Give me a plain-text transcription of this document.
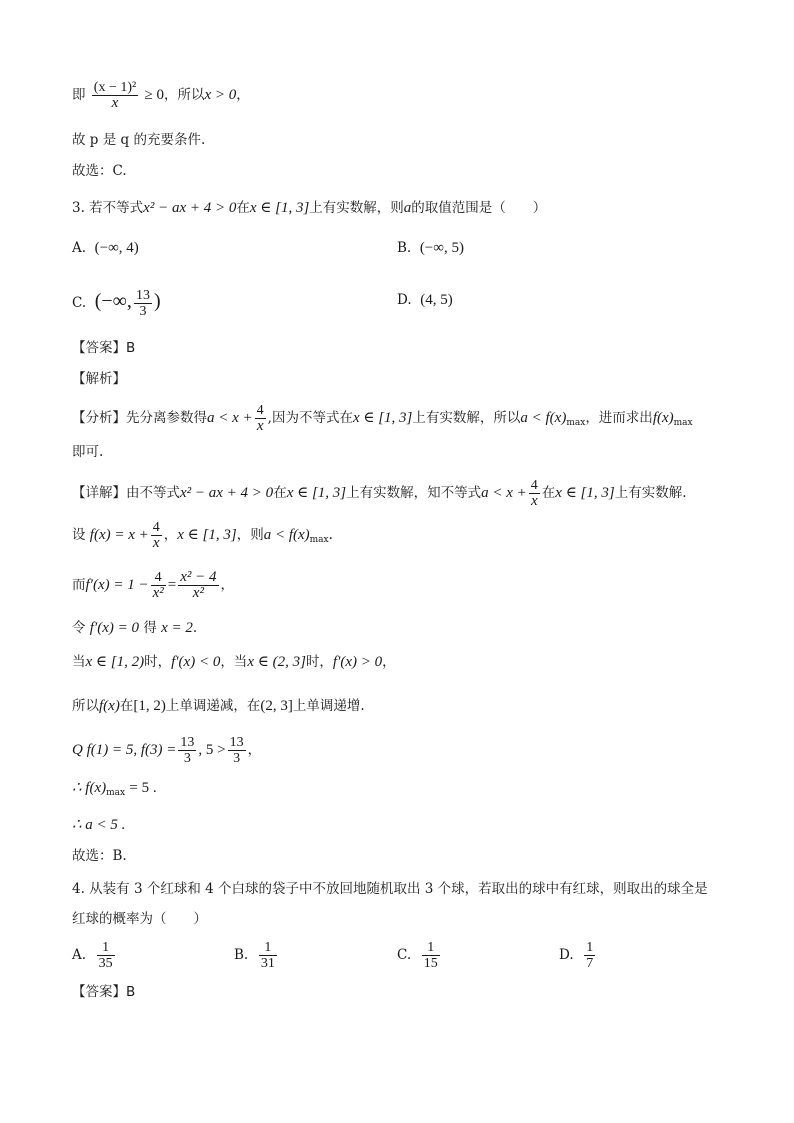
即 $\frac{\text{(x − 1)²}}{x} \ge 0$，所以x > 0，
故 p 是 q 的充要条件.
故选：C.
3. 若不等式x² − ax + 4 > 0在x ∈ [1, 3]上有实数解，则a的取值范围是（　　）
A. (−∞, 4)	B. (−∞, 5)
C. (−∞, $\frac{13}{3}$ )	D. (4, 5)
【答案】B
【解析】
【分析】先分离参数得$a < x + \frac{4}{x}$ ,因为不等式在x ∈ [1, 3]上有实数解，所以$a < f(x)_{max}$，进而求出$f(x)_{max}$
即可.
【详解】由不等式x² − ax + 4 > 0在x ∈ [1, 3]上有实数解，知不等式$a < x + \frac{4}{x}$ 在x ∈ [1, 3]上有实数解.
设 $f(x) = x + \frac{4}{x}$ ，x ∈ [1, 3]，则$a < f(x)_{max}$.
而$f'(x) = 1 - \frac{4}{\text{x²}} = \frac{\text{x² − 4}}{\text{x²}}$ ，
令 f′(x) = 0 得 x = 2.
当x ∈ [1, 2)时，f′(x) < 0，当x ∈ (2, 3]时，f′(x) > 0，
所以f(x)在[1, 2)上单调递减，在(2, 3]上单调递增.
Q f(1) = 5, $f(3) = \frac{13}{3}$ , $5 > \frac{13}{3}$ ，
∴ $f(x)_{max} = 5$ .
∴ a < 5 .
故选：B.
4. 从装有 3 个红球和 4 个白球的袋子中不放回地随机取出 3 个球，若取出的球中有红球，则取出的球全是
红球的概率为（　　）
A. $\frac{1}{35}$	B. $\frac{1}{31}$	C. $\frac{1}{15}$	D. $\frac{1}{7}$
【答案】B
